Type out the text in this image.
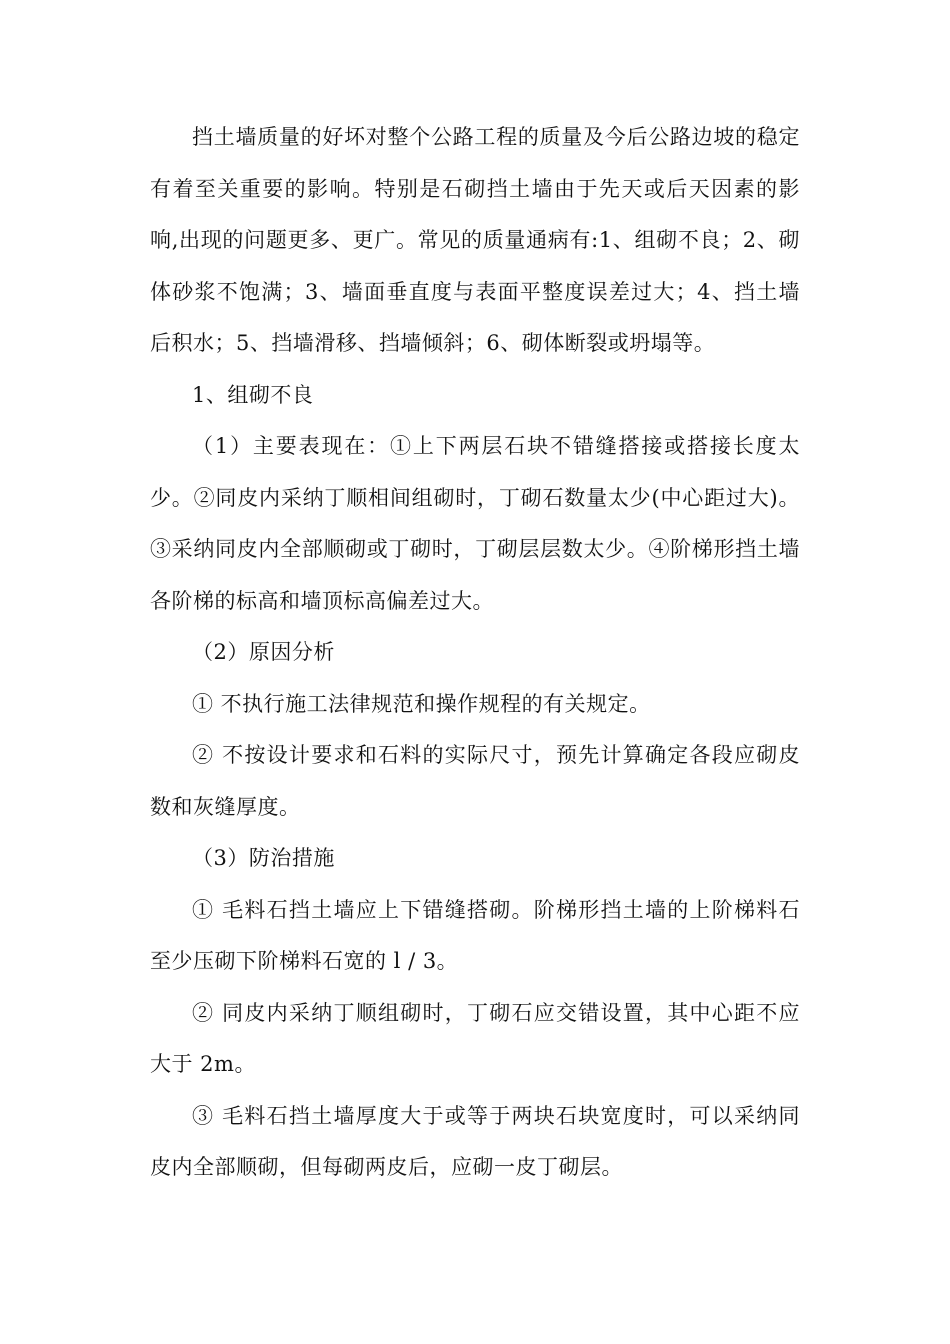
挡土墙质量的好坏对整个公路工程的质量及今后公路边坡的稳定有着至关重要的影响。特别是石砌挡土墙由于先天或后天因素的影响,出现的问题更多、更广。常见的质量通病有:1、组砌不良；2、砌体砂浆不饱满；3、墙面垂直度与表面平整度误差过大；4、挡土墙后积水；5、挡墙滑移、挡墙倾斜；6、砌体断裂或坍塌等。

1、组砌不良

（1）主要表现在：①上下两层石块不错缝搭接或搭接长度太少。②同皮内采纳丁顺相间组砌时，丁砌石数量太少(中心距过大)。③采纳同皮内全部顺砌或丁砌时，丁砌层层数太少。④阶梯形挡土墙各阶梯的标高和墙顶标高偏差过大。

（2）原因分析

① 不执行施工法律规范和操作规程的有关规定。

② 不按设计要求和石料的实际尺寸，预先计算确定各段应砌皮数和灰缝厚度。

（3）防治措施

① 毛料石挡土墙应上下错缝搭砌。阶梯形挡土墙的上阶梯料石至少压砌下阶梯料石宽的 l / 3。

② 同皮内采纳丁顺组砌时，丁砌石应交错设置，其中心距不应大于 2m。

③ 毛料石挡土墙厚度大于或等于两块石块宽度时，可以采纳同皮内全部顺砌，但每砌两皮后，应砌一皮丁砌层。
